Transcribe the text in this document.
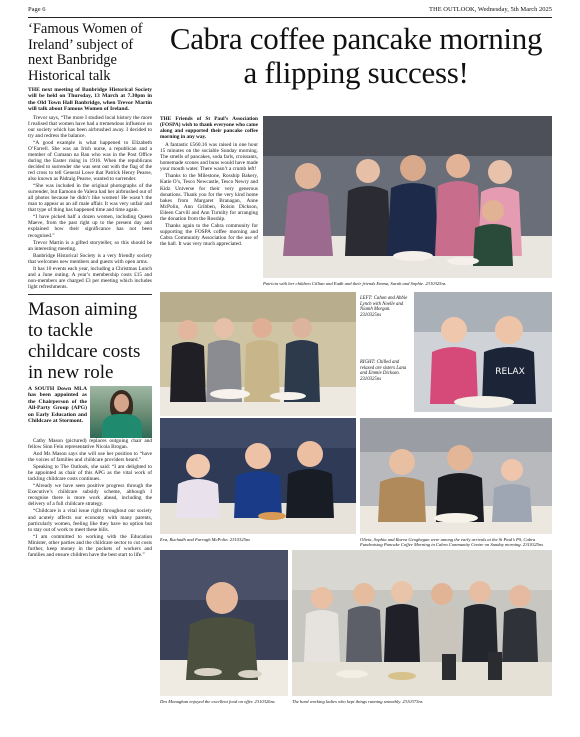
Page 6	THE OUTLOOK, Wednesday, 5th March 2025
‘Famous Women of Ireland’ subject of next Banbridge Historical talk
THE next meeting of Banbridge Historical Society will be held on Thursday, 13 March at 7.30pm in the Old Town Hall Banbridge, when Trevor Martin will talk about Famous Women of Ireland.

Trevor says, “The more I studied local history the more I realised that women have had a tremendous influence on our society which has been airbrushed away. I decided to try and redress the balance.

“A good example is what happened to Elizabeth O’Farrell. She was an Irish nurse, a republican and a member of Cumann na Ban who was in the Post Office during the Easter rising in 1916. When the republicans decided to surrender she was sent out with the flag of the red cross to tell General Lowe that Patrick Henry Pearse, also known as Pádraig Pearse, wanted to surrender.

“She was included in the original photographs of the surrender, but Eamonn de Valera had her airbrushed out of all photos because he didn’t like women! He wasn’t the man to appear as an all male affair. It was very unfair and that type of thing has happened time and time again.

“I have picked half a dozen women, including Queen Maeve, from the past right up to the present day and explained how their significance has not been recognised.”

Trevor Martin is a gifted storyteller, so this should be an interesting meeting.

Banbridge Historical Society is a very friendly society that welcomes new members and guests with open arms.

It has 10 events each year, including a Christmas Lunch and a June outing. A year’s membership costs £15 and non-members are charged £3 per meeting which includes light refreshments.

Mason aiming to tackle childcare costs in new role
A SOUTH Down MLA has been appointed as the Chairperson of the All-Party Group (APG) on Early Education and Childcare at Stormont.

Cathy Mason (pictured) replaces outgoing chair and fellow Sinn Fein representative Nicola Brogan.

And Ms Mason says she will use her position to “have the voices of families and childcare providers heard.”

Speaking to The Outlook, she said: “I am delighted to be appointed as chair of this APG as the vital work of tackling childcare costs continues.

“Already we have seen positive progress through the Executive’s childcare subsidy scheme, although I recognise there is more work ahead, including the delivery of a full childcare strategy.

“Childcare is a vital issue right throughout our society and acutely affects our economy with many parents, particularly women, feeling like they have no option but to stay out of work to meet these bills.

“I am committed to working with the Education Minister, other parties and the childcare sector to cut costs further, keep money in the pockets of workers and families and ensure children have the best start to life.”

Cabra coffee pancake morning a flipping success!
THE Friends of St Paul’s Association (FOSPA) wish to thank everyone who came along and supported their pancake coffee morning in any way.

A fantastic £560.16 was raised in one hour 15 minutes on the sociable Sunday morning. The smells of pancakes, soda farls, croissants, homemade scones and buns would have made your mouth water. There wasn’t a crumb left!

Thanks to the Milestone, Rosship Bakery, Katie O’s, Tesco Newcastle, Tesco Newry and Kidz Universe for their very generous donations. Thank you for the very kind home bakes from Margaret Branagan, Anne McPolin, Ann Gribben, Roisin Dickson, Eileen Carvill and Ann Turnilty for arranging the donation from the Rosship.

Thanks again to the Cabra community for supporting the FOSPA coffee morning and Cabra Community Association for the use of the hall. It was very much appreciated.

Patricia with her children Cillian and Eadh and their friends Emma, Sarah and Sophie. 2310325ns
LEFT: Cahon and Abbie Lynch with Noelle and Niamh Morgan. 2310325ns
RELAX
RIGHT: Chilled and relaxed are sisters Lana and Emmie Dickson. 2310325ns
Eva, Ruchadh and Farragh McPolin. 2310325ns	Olivia, Sophia and Raeva Geoghegan were among the early arrivals at the St Paul’s PS, Cabra Fundraising Pancake Coffee Morning in Cabra Community Centre on Sunday morning. 2310325ns
Des Monaghan enjoyed the excellent food on offer. 2310326ns	The hard working ladies who kept things running smoothly. 2310373ns
